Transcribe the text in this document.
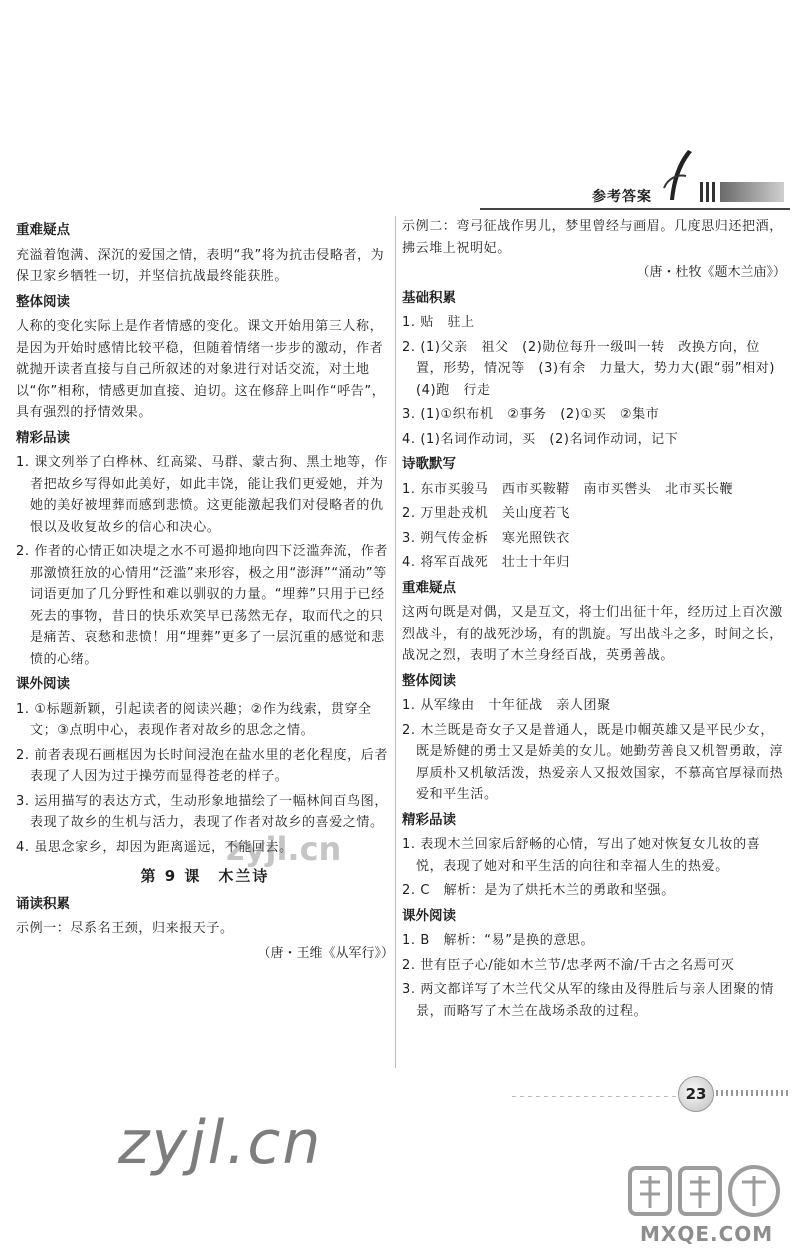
参考答案
重难疑点
充溢着饱满、深沉的爱国之情，表明“我”将为抗击侵略者，为保卫家乡牺牲一切，并坚信抗战最终能获胜。
整体阅读
人称的变化实际上是作者情感的变化。课文开始用第三人称，是因为开始时感情比较平稳，但随着情绪一步步的激动，作者就抛开读者直接与自己所叙述的对象进行对话交流，对土地以“你”相称，情感更加直接、迫切。这在修辞上叫作“呼告”，具有强烈的抒情效果。
精彩品读
1. 课文列举了白桦林、红高粱、马群、蒙古狗、黑土地等，作者把故乡写得如此美好，如此丰饶，能让我们更爱她，并为她的美好被埋葬而感到悲愤。这更能激起我们对侵略者的仇恨以及收复故乡的信心和决心。
2. 作者的心情正如决堤之水不可遏抑地向四下泛滥奔流，作者那激愤狂放的心情用“泛滥”来形容，极之用“澎湃”“涌动”等词语更加了几分野性和难以驯驭的力量。“埋葬”只用于已经死去的事物，昔日的快乐欢笑早已荡然无存，取而代之的只是痛苦、哀愁和悲愤！用“埋葬”更多了一层沉重的感觉和悲愤的心绪。
课外阅读
1. ①标题新颖，引起读者的阅读兴趣；②作为线索，贯穿全文；③点明中心，表现作者对故乡的思念之情。
2. 前者表现石画框因为长时间浸泡在盐水里的老化程度，后者表现了人因为过于操劳而显得苍老的样子。
3. 运用描写的表达方式，生动形象地描绘了一幅林间百鸟图，表现了故乡的生机与活力，表现了作者对故乡的喜爱之情。
4. 虽思念家乡，却因为距离遥远，不能回去。
第 9 课　木兰诗
诵读积累
示例一：尽系名王颈，归来报天子。
（唐・王维《从军行》）
示例二：弯弓征战作男儿，梦里曾经与画眉。几度思归还把酒，拂云堆上祝明妃。
（唐・杜牧《题木兰庙》）
基础积累
1. 贴　驻上
2. (1)父亲　祖父　(2)勋位每升一级叫一转　改换方向，位置，形势，情况等　(3)有余　力量大，势力大(跟“弱”相对)　(4)跑　行走
3. (1)①织布机　②事务　(2)①买　②集市
4. (1)名词作动词，买　(2)名词作动词，记下
诗歌默写
1. 东市买骏马　西市买鞍鞯　南市买辔头　北市买长鞭
2. 万里赴戎机　关山度若飞
3. 朔气传金柝　寒光照铁衣
4. 将军百战死　壮士十年归
重难疑点
这两句既是对偶，又是互文，将士们出征十年，经历过上百次激烈战斗，有的战死沙场，有的凯旋。写出战斗之多，时间之长，战况之烈，表明了木兰身经百战，英勇善战。
整体阅读
1. 从军缘由　十年征战　亲人团聚
2. 木兰既是奇女子又是普通人，既是巾帼英雄又是平民少女，既是矫健的勇士又是娇美的女儿。她勤劳善良又机智勇敢，淳厚质朴又机敏活泼，热爱亲人又报效国家，不慕高官厚禄而热爱和平生活。
精彩品读
1. 表现木兰回家后舒畅的心情，写出了她对恢复女儿妆的喜悦，表现了她对和平生活的向往和幸福人生的热爱。
2. C　解析：是为了烘托木兰的勇敢和坚强。
课外阅读
1. B　解析：“易”是换的意思。
2. 世有臣子心/能如木兰节/忠孝两不渝/千古之名焉可灭
3. 两文都详写了木兰代父从军的缘由及得胜后与亲人团聚的情景，而略写了木兰在战场杀敌的过程。
23
zyjl.cn
zyjl.cn
MXQE.COM
